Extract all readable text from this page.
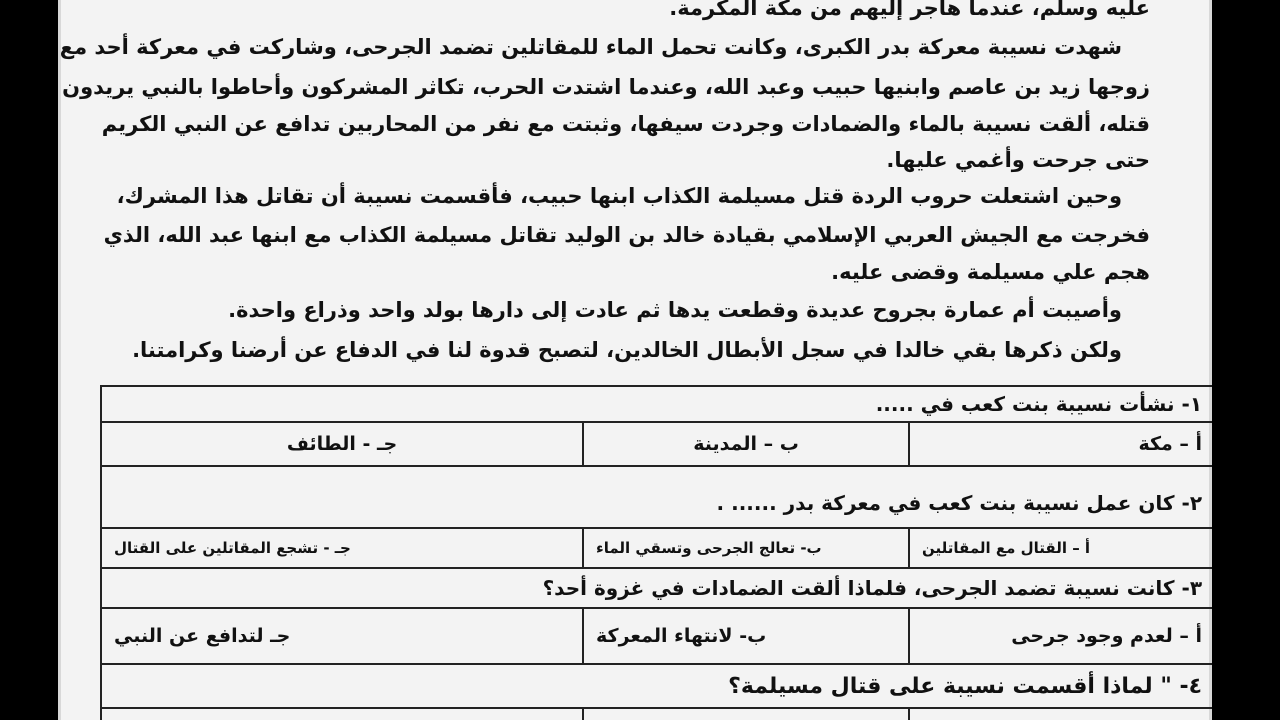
عليه وسلم، عندما هاجر إليهم من مكة المكرمة.
شهدت نسيبة معركة بدر الكبرى، وكانت تحمل الماء للمقاتلين تضمد الجرحى، وشاركت في معركة أحد مع
زوجها زيد بن عاصم وابنيها حبيب وعبد الله، وعندما اشتدت الحرب، تكاثر المشركون وأحاطوا بالنبي يريدون
قتله، ألقت نسيبة بالماء والضمادات وجردت سيفها، وثبتت مع نفر من المحاربين تدافع عن النبي الكريم
حتى جرحت وأغمي عليها.
وحين اشتعلت حروب الردة قتل مسيلمة الكذاب ابنها حبيب، فأقسمت نسيبة أن تقاتل هذا المشرك،
فخرجت مع الجيش العربي الإسلامي بقيادة خالد بن الوليد تقاتل مسيلمة الكذاب مع ابنها عبد الله، الذي
هجم علي مسيلمة وقضى عليه.
وأصيبت أم عمارة بجروح عديدة وقطعت يدها ثم عادت إلى دارها بولد واحد وذراع واحدة.
ولكن ذكرها بقي خالدا في سجل الأبطال الخالدين، لتصبح قدوة لنا في الدفاع عن أرضنا وكرامتنا.
١- نشأت نسيبة بنت كعب في .....		
أ – مكة	ب – المدينة	جـ - الطائف
٢- كان عمل نسيبة بنت كعب في معركة بدر ...... .		
أ – القتال مع المقاتلين	ب- تعالج الجرحى وتسقي الماء	جـ - تشجع المقاتلين على القتال
٣- كانت نسيبة تضمد الجرحى، فلماذا ألقت الضمادات في غزوة أحد؟		
أ – لعدم وجود جرحى	ب- لانتهاء المعركة	جـ لتدافع عن النبي
٤- " لماذا أقسمت نسيبة على قتال مسيلمة؟		
